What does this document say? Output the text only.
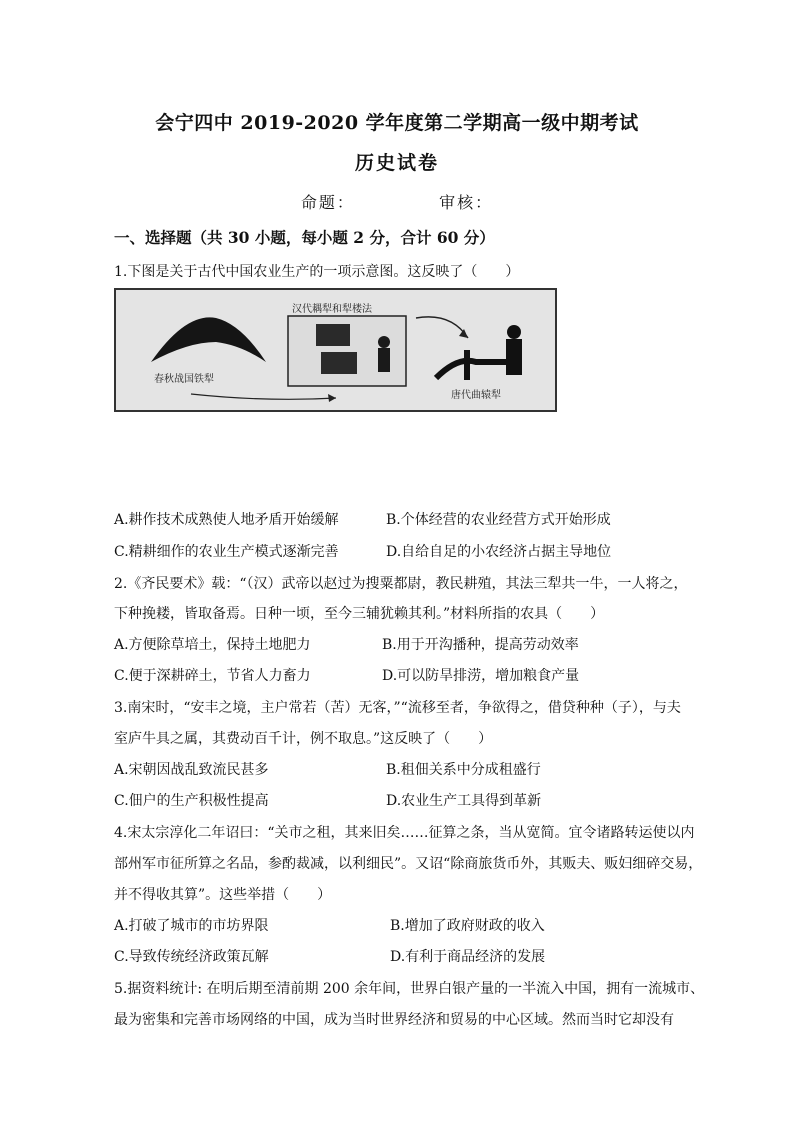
会宁四中 2019-2020 学年度第二学期高一级中期考试
历史试卷
命题：	审核：
一、选择题（共 30 小题，每小题 2 分，合计 60 分）
1.下图是关于古代中国农业生产的一项示意图。这反映了（　　）
春秋战国铁犁
汉代耦犁和犁楼法
唐代曲辕犁
A.耕作技术成熟使人地矛盾开始缓解	B.个体经营的农业经营方式开始形成
C.精耕细作的农业生产模式逐渐完善	D.自给自足的小农经济占据主导地位
2.《齐民要术》载：“（汉）武帝以赵过为搜粟都尉，教民耕殖，其法三犁共一牛，一人将之，
下种挽耧，皆取备焉。日种一顷，至今三辅犹赖其利。”材料所指的农具（　　）
A.方便除草培土，保持土地肥力	B.用于开沟播种，提高劳动效率
C.便于深耕碎土，节省人力畜力	D.可以防旱排涝，增加粮食产量
3.南宋时，“安丰之境，主户常若（苦）无客，”“流移至者，争欲得之，借贷种种（子），与夫
室庐牛具之属，其费动百千计，例不取息。”这反映了（　　）
A.宋朝因战乱致流民甚多	B.租佃关系中分成租盛行
C.佃户的生产积极性提高	D.农业生产工具得到革新
4.宋太宗淳化二年诏曰：“关市之租，其来旧矣……征算之条，当从宽简。宜令诸路转运使以内
部州军市征所算之名品，参酌裁减，以利细民”。又诏“除商旅货币外，其贩夫、贩妇细碎交易，
并不得收其算”。这些举措（　　）
A.打破了城市的市坊界限	B.增加了政府财政的收入
C.导致传统经济政策瓦解	D.有利于商品经济的发展
5.据资料统计: 在明后期至清前期 200 余年间，世界白银产量的一半流入中国，拥有一流城市、
最为密集和完善市场网络的中国，成为当时世界经济和贸易的中心区域。然而当时它却没有
